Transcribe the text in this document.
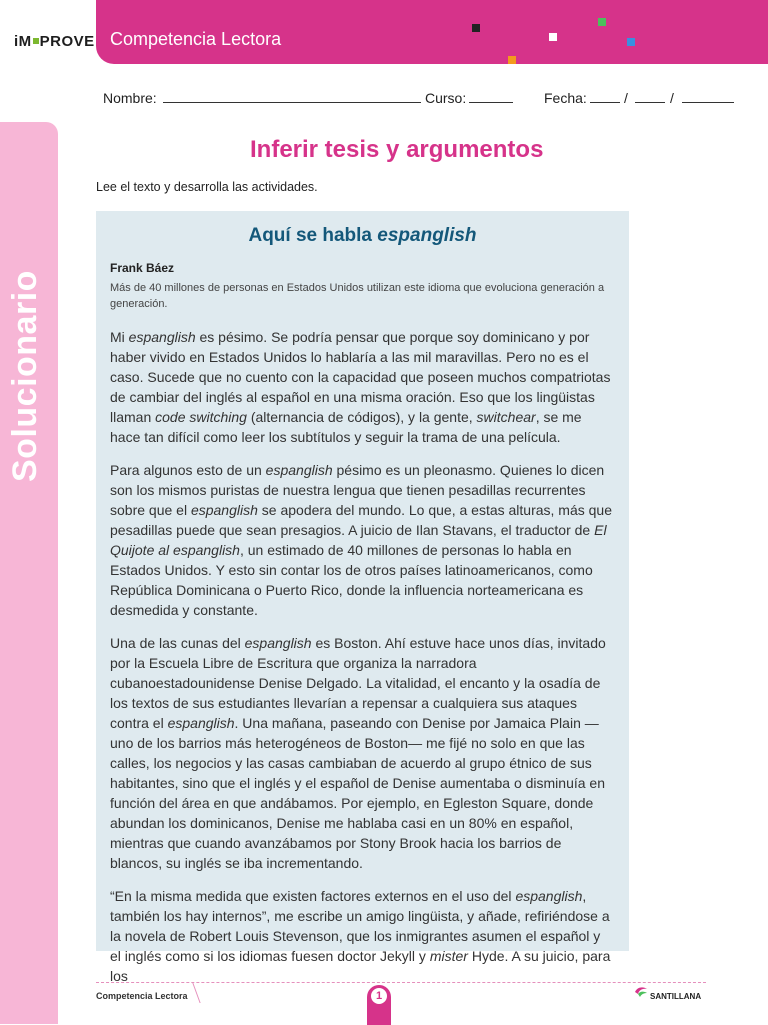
iM PROVE Competencia Lectora
Nombre:	Curso:	Fecha:	/	/
Solucionario
Inferir tesis y argumentos
Lee el texto y desarrolla las actividades.
Aquí se habla espanglish
Frank Báez
Más de 40 millones de personas en Estados Unidos utilizan este idioma que evoluciona generación a generación.

Mi espanglish es pésimo. Se podría pensar que porque soy dominicano y por haber vivido en Estados Unidos lo hablaría a las mil maravillas. Pero no es el caso. Sucede que no cuento con la capacidad que poseen muchos compatriotas de cambiar del inglés al español en una misma oración. Eso que los lingüistas llaman code switching (alternancia de códigos), y la gente, switchear, se me hace tan difícil como leer los subtítulos y seguir la trama de una película.

Para algunos esto de un espanglish pésimo es un pleonasmo. Quienes lo dicen son los mismos puristas de nuestra lengua que tienen pesadillas recurrentes sobre que el espanglish se apodera del mundo. Lo que, a estas alturas, más que pesadillas puede que sean presagios. A juicio de Ilan Stavans, el traductor de El Quijote al espanglish, un estimado de 40 millones de personas lo habla en Estados Unidos. Y esto sin contar los de otros países latinoamericanos, como República Dominicana o Puerto Rico, donde la influencia norteamericana es desmedida y constante.

Una de las cunas del espanglish es Boston. Ahí estuve hace unos días, invitado por la Escuela Libre de Escritura que organiza la narradora cubanoestadounidense Denise Delgado. La vitalidad, el encanto y la osadía de los textos de sus estudiantes llevarían a repensar a cualquiera sus ataques contra el espanglish. Una mañana, paseando con Denise por Jamaica Plain —uno de los barrios más heterogéneos de Boston— me fijé no solo en que las calles, los negocios y las casas cambiaban de acuerdo al grupo étnico de sus habitantes, sino que el inglés y el español de Denise aumentaba o disminuía en función del área en que andábamos. Por ejemplo, en Egleston Square, donde abundan los dominicanos, Denise me hablaba casi en un 80% en español, mientras que cuando avanzábamos por Stony Brook hacia los barrios de blancos, su inglés se iba incrementando.

“En la misma medida que existen factores externos en el uso del espanglish, también los hay internos”, me escribe un amigo lingüista, y añade, refiriéndose a la novela de Robert Louis Stevenson, que los inmigrantes asumen el español y el inglés como si los idiomas fuesen doctor Jekyll y mister Hyde. A su juicio, para los

Competencia Lectora	1	SANTILLANA
